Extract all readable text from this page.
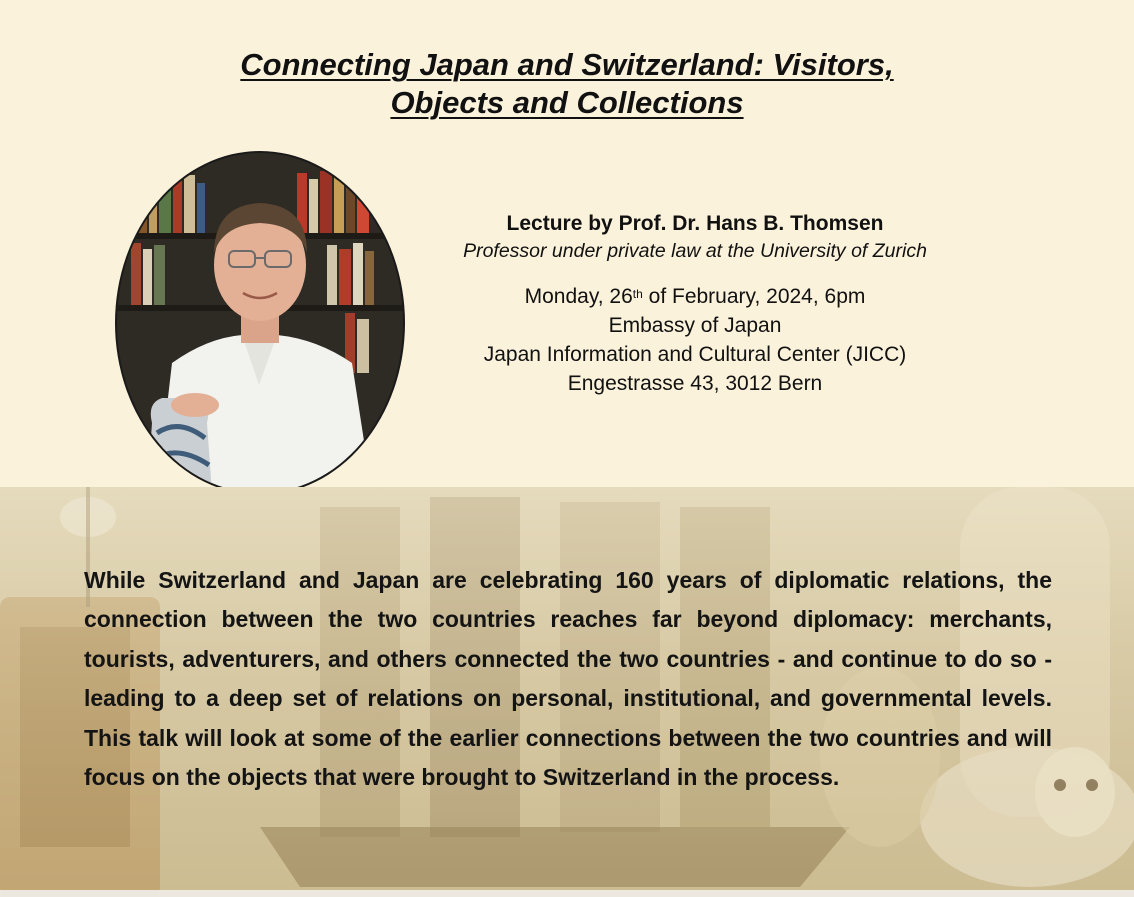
Connecting Japan and Switzerland: Visitors,
Objects and Collections
Lecture by Prof. Dr. Hans B. Thomsen
Professor under private law at the University of Zurich
Monday, 26th of February, 2024, 6pm
Embassy of Japan
Japan Information and Cultural Center (JICC)
Engestrasse 43, 3012 Bern
While Switzerland and Japan are celebrating 160 years of diplomatic relations, the connection between the two countries reaches far beyond diplomacy: merchants, tourists, adventurers, and others connected the two countries - and continue to do so - leading to a deep set of relations on personal, institutional, and governmental levels. This talk will look at some of the earlier connections between the two countries and will focus on the objects that were brought to Switzerland in the process.
